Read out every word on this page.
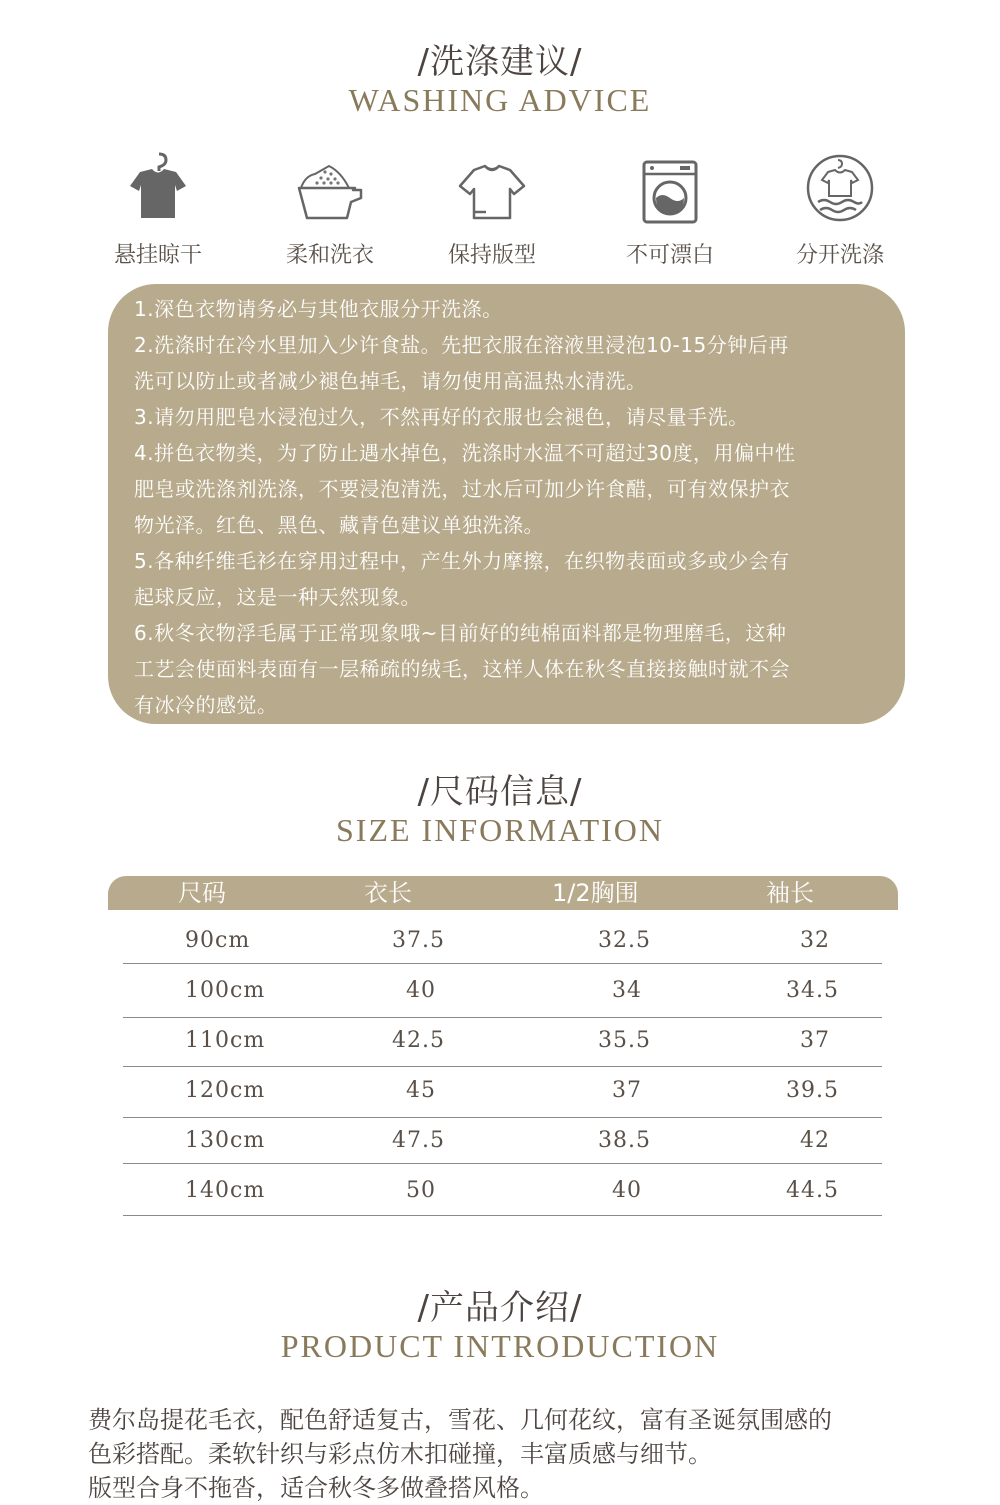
/洗涤建议/
WASHING ADVICE
悬挂晾干	柔和洗衣	保持版型	不可漂白	分开洗涤
1.深色衣物请务必与其他衣服分开洗涤。
2.洗涤时在冷水里加入少许食盐。先把衣服在溶液里浸泡10-15分钟后再
洗可以防止或者减少褪色掉毛，请勿使用高温热水清洗。
3.请勿用肥皂水浸泡过久，不然再好的衣服也会褪色，请尽量手洗。
4.拼色衣物类，为了防止遇水掉色，洗涤时水温不可超过30度，用偏中性
肥皂或洗涤剂洗涤，不要浸泡清洗，过水后可加少许食醋，可有效保护衣
物光泽。红色、黑色、藏青色建议单独洗涤。
5.各种纤维毛衫在穿用过程中，产生外力摩擦，在织物表面或多或少会有
起球反应，这是一种天然现象。
6.秋冬衣物浮毛属于正常现象哦~目前好的纯棉面料都是物理磨毛，这种
工艺会使面料表面有一层稀疏的绒毛，这样人体在秋冬直接接触时就不会
有冰冷的感觉。
/尺码信息/
SIZE INFORMATION
尺码	衣长	1/2胸围	袖长
90cm	37.5	32.5	32
100cm	40	34	34.5
110cm	42.5	35.5	37
120cm	45	37	39.5
130cm	47.5	38.5	42
140cm	50	40	44.5
/产品介绍/
PRODUCT INTRODUCTION
费尔岛提花毛衣，配色舒适复古，雪花、几何花纹，富有圣诞氛围感的
色彩搭配。柔软针织与彩点仿木扣碰撞，丰富质感与细节。
版型合身不拖沓，适合秋冬多做叠搭风格。
